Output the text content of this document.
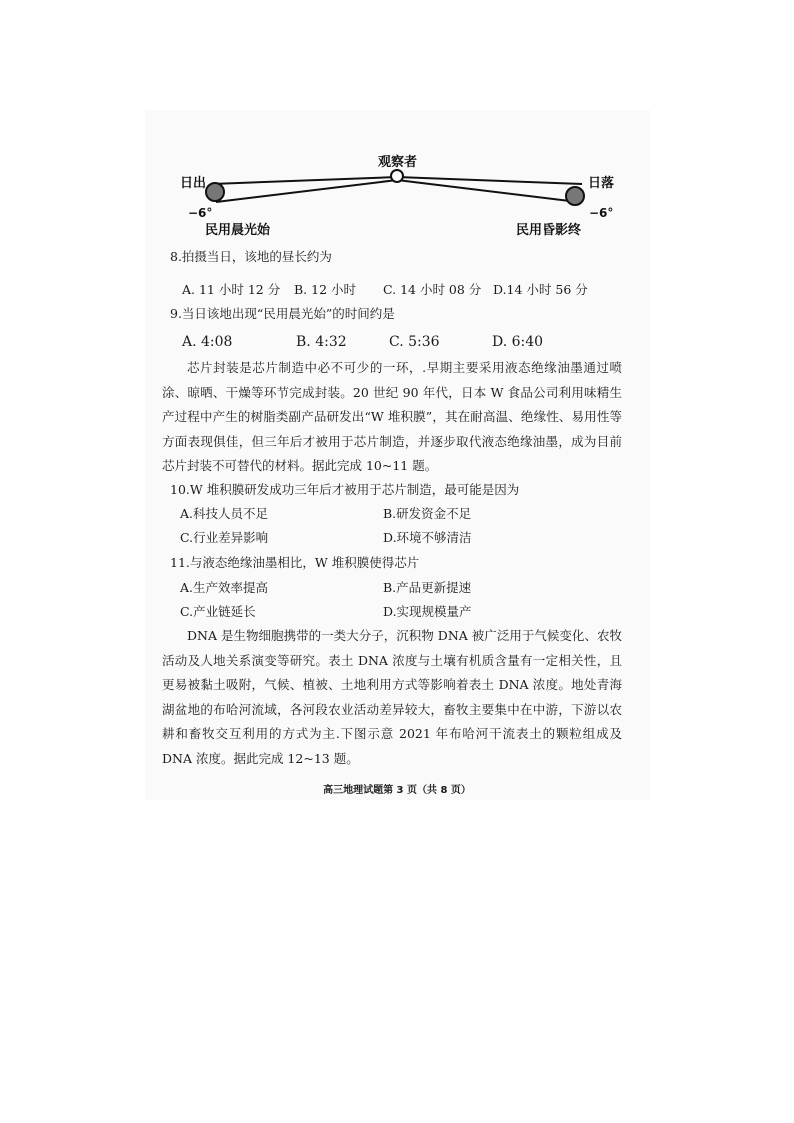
观察者
日出	日落
−6°	−6°
民用晨光始	民用昏影终
8.拍摄当日，该地的昼长约为
A. 11 小时 12 分 B. 12 小时 C. 14 小时 08 分 D.14 小时 56 分
9.当日该地出现“民用晨光始”的时间约是
A. 4:08	B. 4:32	C. 5:36	D. 6:40
芯片封装是芯片制造中必不可少的一环，.早期主要采用液态绝缘油墨通过喷涂、晾晒、干燥等环节完成封装。20 世纪 90 年代，日本 W 食品公司利用味精生产过程中产生的树脂类副产品研发出“W 堆积膜”，其在耐高温、绝缘性、易用性等方面表现俱佳，但三年后才被用于芯片制造，并逐步取代液态绝缘油墨，成为目前芯片封装不可替代的材料。据此完成 10~11 题。
10.W 堆积膜研发成功三年后才被用于芯片制造，最可能是因为
A.科技人员不足	B.研发资金不足
C.行业差异影响	D.环境不够清洁
11.与液态绝缘油墨相比，W 堆积膜使得芯片
A.生产效率提高	B.产品更新提速
C.产业链延长	D.实现规模量产
DNA 是生物细胞携带的一类大分子，沉积物 DNA 被广泛用于气候变化、农牧活动及人地关系演变等研究。表土 DNA 浓度与土壤有机质含量有一定相关性，且更易被黏土吸附，气候、植被、土地利用方式等影响着表土 DNA 浓度。地处青海湖盆地的布哈河流域，各河段农业活动差异较大，畜牧主要集中在中游，下游以农耕和畜牧交互利用的方式为主.下图示意 2021 年布哈河干流表土的颗粒组成及 DNA 浓度。据此完成 12~13 题。
高三地理试题第 3 页（共 8 页）
